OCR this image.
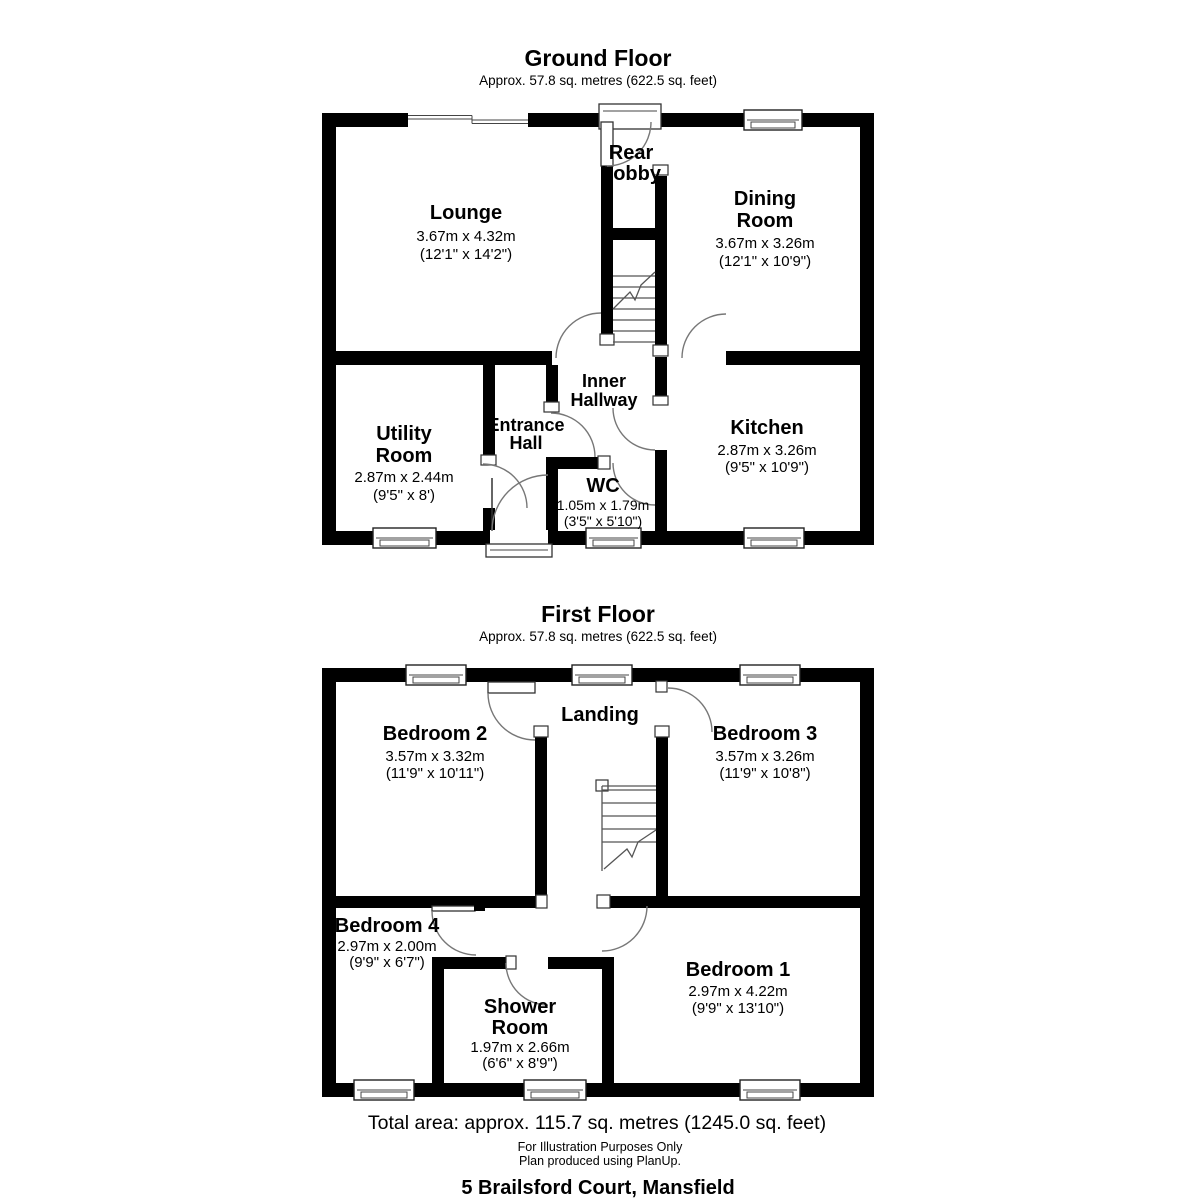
Ground Floor
Approx. 57.8 sq. metres (622.5 sq. feet)
Lounge
3.67m x 4.32m
(12'1" x 14'2")
Rear
Lobby
Dining
Room
3.67m x 3.26m
(12'1" x 10'9")
Inner
Hallway
Entrance
Hall
Utility
Room
2.87m x 2.44m
(9'5" x 8')	WC
1.05m x 1.79m
(3'5" x 5'10")
Kitchen
2.87m x 3.26m
(9'5" x 10'9")
First Floor
Approx. 57.8 sq. metres (622.5 sq. feet)
Bedroom 2
3.57m x 3.32m
(11'9" x 10'11")
Landing
Bedroom 3
3.57m x 3.26m
(11'9" x 10'8")
Bedroom 4
2.97m x 2.00m
(9'9" x 6'7")
Shower
Room
1.97m x 2.66m
(6'6" x 8'9")
Bedroom 1
2.97m x 4.22m
(9'9" x 13'10")
Total area: approx. 115.7 sq. metres (1245.0 sq. feet)
For Illustration Purposes Only
Plan produced using PlanUp.
5 Brailsford Court, Mansfield
